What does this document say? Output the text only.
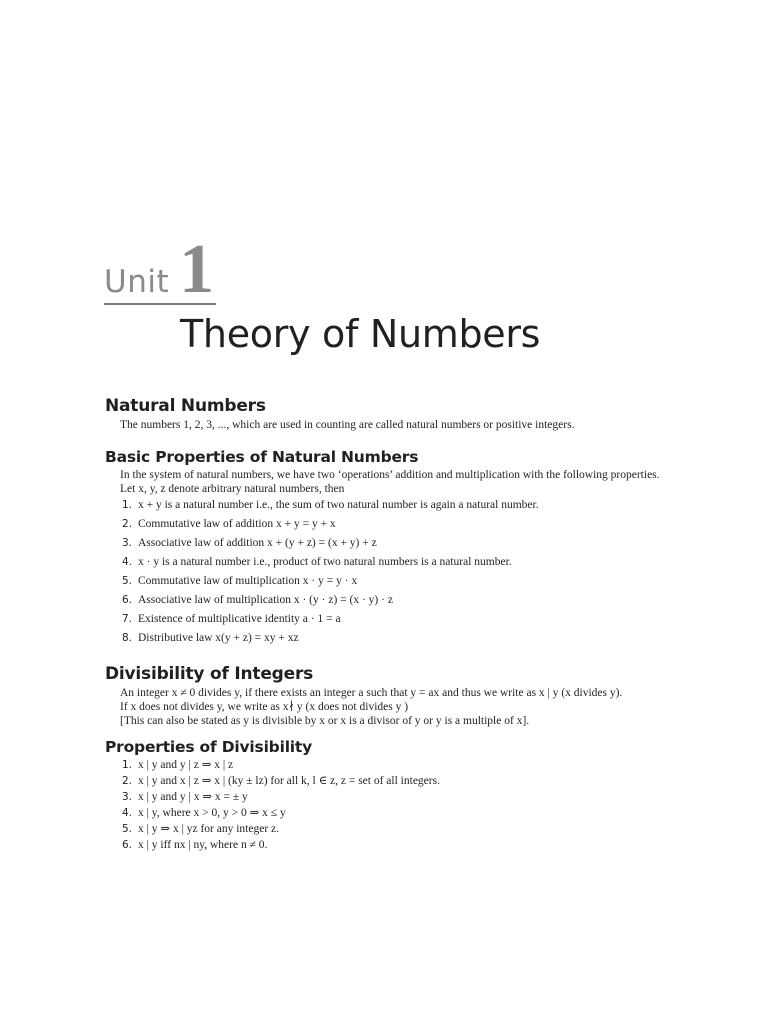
Unit 1
Theory of Numbers
Natural Numbers

The numbers 1, 2, 3, ..., which are used in counting are called natural numbers or positive integers.

Basic Properties of Natural Numbers

In the system of natural numbers, we have two ‘operations’ addition and multiplication with the following properties.

Let x, y, z denote arbitrary natural numbers, then

1. x + y is a natural number i.e., the sum of two natural number is again a natural number.
2. Commutative law of addition x + y = y + x
3. Associative law of addition x + (y + z) = (x + y) + z
4. x · y is a natural number i.e., product of two natural numbers is a natural number.
5. Commutative law of multiplication x · y = y · x
6. Associative law of multiplication x · (y · z) = (x · y) · z
7. Existence of multiplicative identity a · 1 = a
8. Distributive law x(y + z) = xy + xz
Divisibility of Integers

An integer x ≠ 0 divides y, if there exists an integer a such that y = ax and thus we write as x | y (x divides y).

If x does not divides y, we write as x∤ y (x does not divides y )

[This can also be stated as y is divisible by x or x is a divisor of y or y is a multiple of x].

Properties of Divisibility
1. x | y and y | z ⇒ x | z
2. x | y and x | z ⇒ x | (ky ± lz) for all k, l ∈ z, z = set of all integers.
3. x | y and y | x ⇒ x = ± y
4. x | y, where x > 0, y > 0 ⇒ x ≤ y
5. x | y ⇒ x | yz for any integer z.
6. x | y iff nx | ny, where n ≠ 0.
